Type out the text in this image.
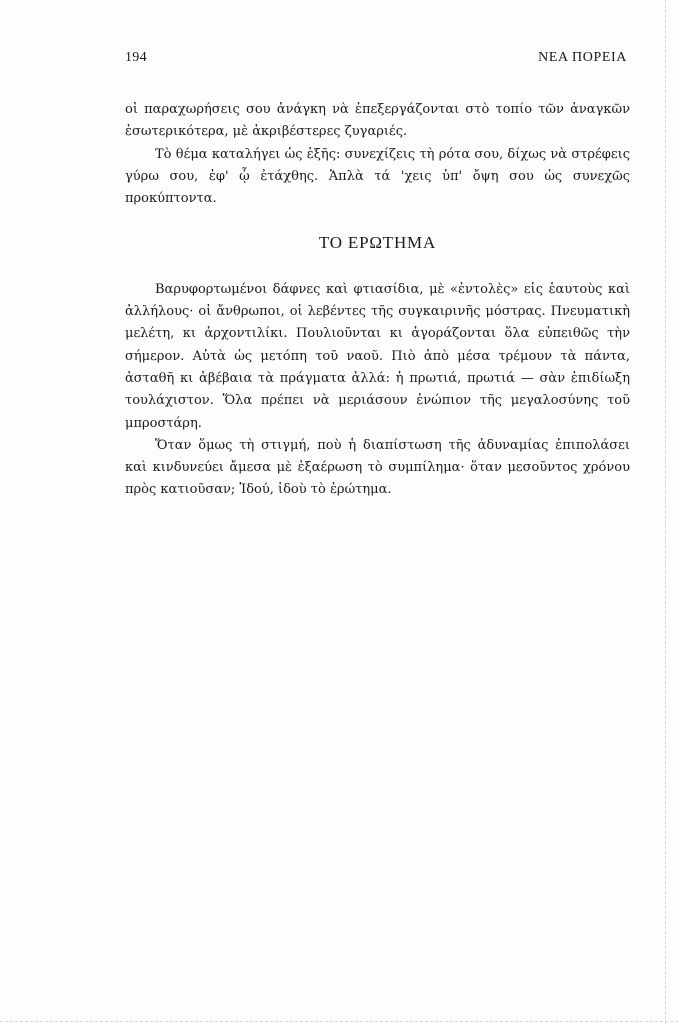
194	ΝΕΑ ΠΟΡΕΙΑ

οἱ παραχωρήσεις σου ἀνάγκη νὰ ἐπεξεργάζονται στὸ τοπίο τῶν ἀναγκῶν ἐσωτερικότερα, μὲ ἀκριβέστερες ζυγαριές.

Τὸ θέμα καταλήγει ὡς ἑξῆς: συνεχίζεις τὴ ρότα σου, δίχως νὰ στρέφεις γύρω σου, ἐφ' ᾧ ἐτάχθης. Ἁπλὰ τά 'χεις ὑπ' ὄψη σου ὡς συνεχῶς προκύπτοντα.

ΤΟ ΕΡΩΤΗΜΑ

Βαρυφορτωμένοι δάφνες καὶ φτιασίδια, μὲ «ἐντολὲς» εἰς ἑαυτοὺς καὶ ἀλλήλους· οἱ ἄνθρωποι, οἱ λεβέντες τῆς συγκαιρινῆς μόστρας. Πνευματικὴ μελέτη, κι ἀρχοντιλίκι. Πουλιοῦνται κι ἀγοράζονται ὅλα εὐπειθῶς τὴν σήμερον. Αὐτὰ ὡς μετόπη τοῦ ναοῦ. Πιὸ ἀπὸ μέσα τρέμουν τὰ πάντα, ἀσταθῆ κι ἀβέβαια τὰ πράγματα ἀλλά: ἡ πρωτιά, πρωτιά — σὰν ἐπιδίωξη τουλάχιστον. Ὅλα πρέπει νὰ μεριάσουν ἐνώπιον τῆς μεγαλοσύνης τοῦ μπροστάρη.

Ὅταν ὅμως τὴ στιγμή, ποὺ ἡ διαπίστωση τῆς ἀδυναμίας ἐπιπολάσει καὶ κινδυνεύει ἄμεσα μὲ ἐξαέρωση τὸ συμπίλημα· ὅταν μεσοῦντος χρόνου πρὸς κατιοῦσαν; Ἰδού, ἰδοὺ τὸ ἐρώτημα.
